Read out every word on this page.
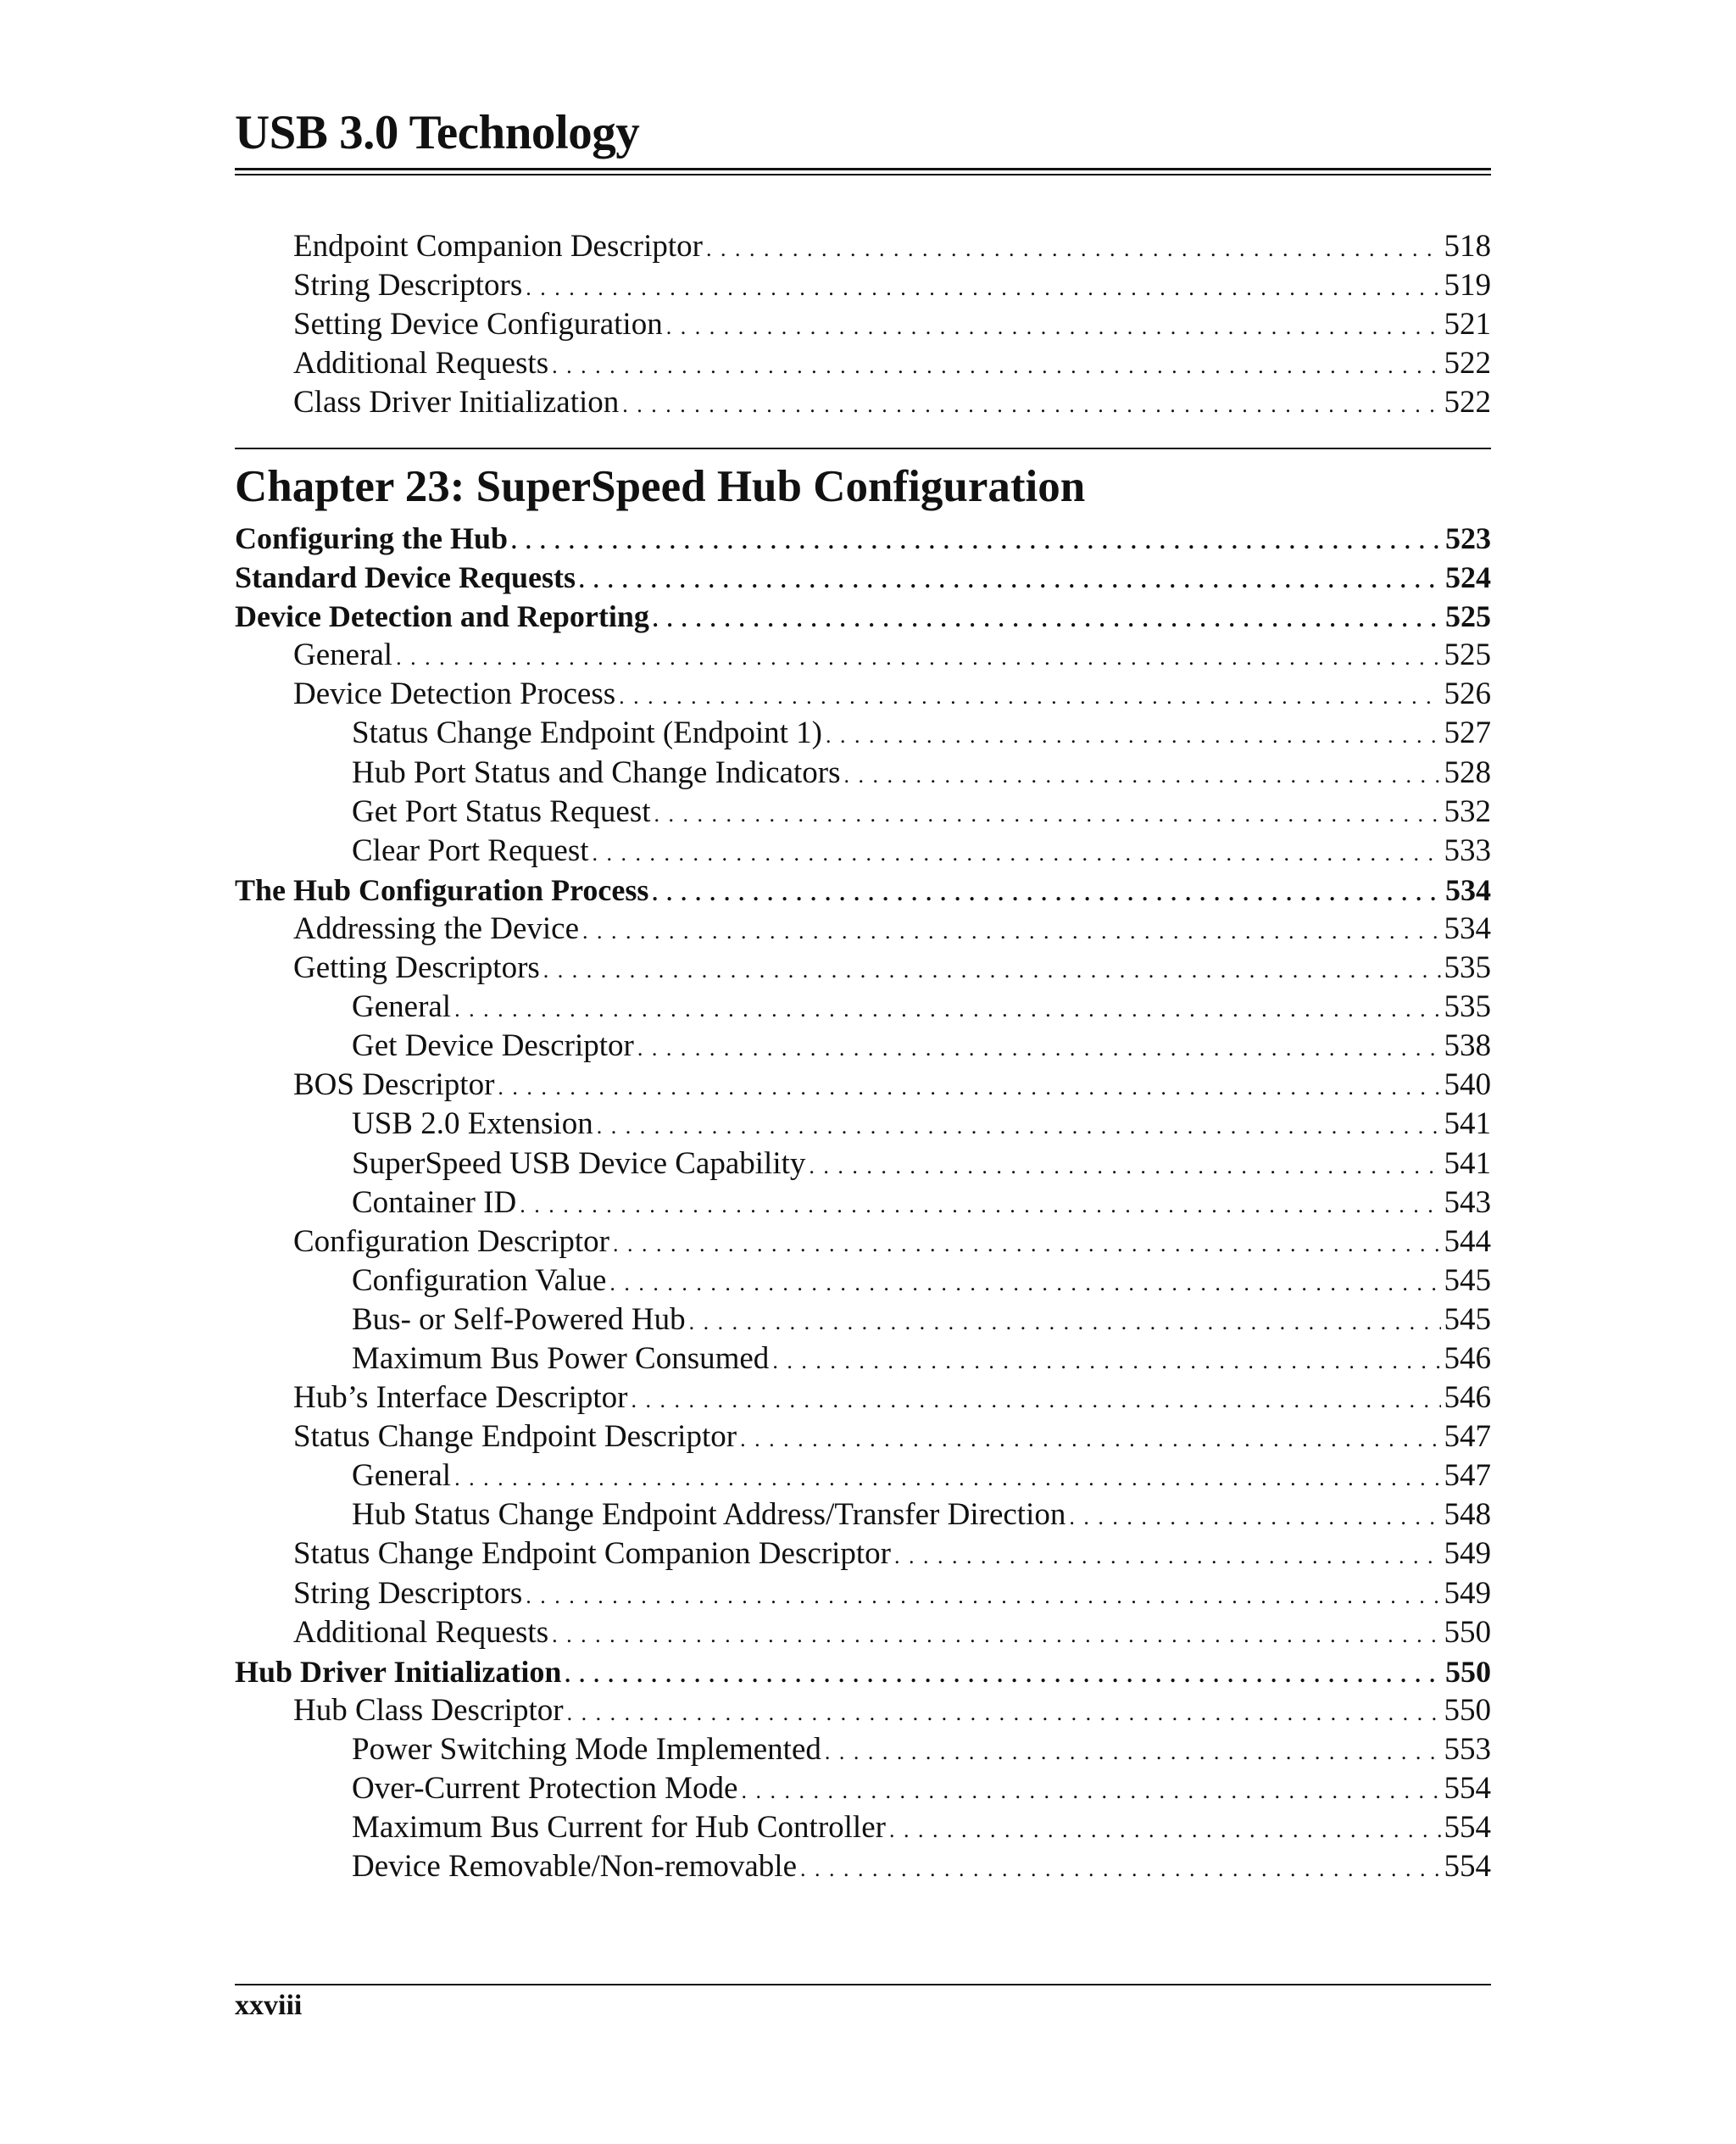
USB 3.0 Technology
Endpoint Companion Descriptor . . .	518
String Descriptors . . .	519
Setting Device Configuration . . .	521
Additional Requests . . .	522
Class Driver Initialization . . .	522
Chapter 23: SuperSpeed Hub Configuration
Configuring the Hub . . .	523
Standard Device Requests . . .	524
Device Detection and Reporting . . .	525
General . . .	525
Device Detection Process . . .	526
Status Change Endpoint (Endpoint 1) . . .	527
Hub Port Status and Change Indicators . . .	528
Get Port Status Request . . .	532
Clear Port Request . . .	533
The Hub Configuration Process . . .	534
Addressing the Device . . .	534
Getting Descriptors . . .	535
General . . .	535
Get Device Descriptor . . .	538
BOS Descriptor . . .	540
USB 2.0 Extension . . .	541
SuperSpeed USB Device Capability . . .	541
Container ID . . .	543
Configuration Descriptor . . .	544
Configuration Value . . .	545
Bus- or Self-Powered Hub . . .	545
Maximum Bus Power Consumed . . .	546
Hub’s Interface Descriptor . . .	546
Status Change Endpoint Descriptor . . .	547
General . . .	547
Hub Status Change Endpoint Address/Transfer Direction . . .	548
Status Change Endpoint Companion Descriptor . . .	549
String Descriptors . . .	549
Additional Requests . . .	550
Hub Driver Initialization . . .	550
Hub Class Descriptor . . .	550
Power Switching Mode Implemented . . .	553
Over-Current Protection Mode . . .	554
Maximum Bus Current for Hub Controller . . .	554
Device Removable/Non-removable . . .	554
xxviii
